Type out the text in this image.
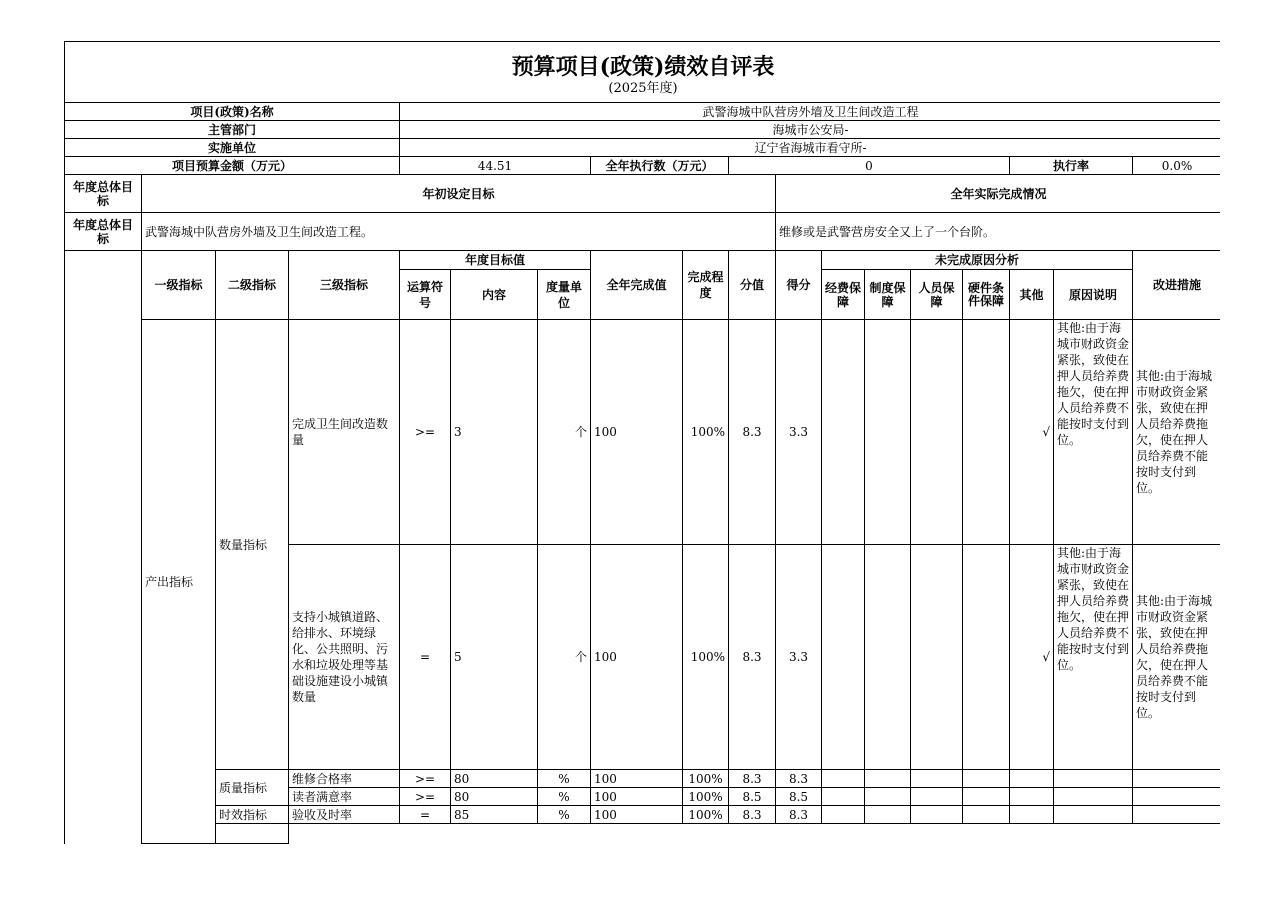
预算项目(政策)绩效自评表
(2025年度)																	

项目(政策)名称				武警海城中队营房外墙及卫生间改造工程													
主管部门				海城市公安局-													
实施单位				辽宁省海城市看守所-													
项目预算金额（万元）				44.51			全年执行数（万元）		0						执行率		0.0%
年度总体目标	年初设定目标									全年实际完成情况							
年度总体目标	武警海城中队营房外墙及卫生间改造工程。									维修或是武警营房安全又上了一个台阶。							
	一级指标	二级指标	三级指标	年度目标值			全年完成值	完成程度	分值	得分	未完成原因分析						改进措施
				运算符号	内容	度量单位					经费保障	制度保障	人员保障	硬件条件保障	其他	原因说明	
	产出指标	数量指标	完成卫生间改造数量	>=	3	个	100	100%	8.3	3.3					√	其他:由于海城市财政资金紧张，致使在押人员给养费拖欠，使在押人员给养费不能按时支付到位。	其他:由于海城市财政资金紧张，致使在押人员给养费拖欠，使在押人员给养费不能按时支付到位。
			支持小城镇道路、给排水、环境绿化、公共照明、污水和垃圾处理等基础设施建设小城镇数量	=	5	个	100	100%	8.3	3.3					√	其他:由于海城市财政资金紧张，致使在押人员给养费拖欠，使在押人员给养费不能按时支付到位。	其他:由于海城市财政资金紧张，致使在押人员给养费拖欠，使在押人员给养费不能按时支付到位。
		质量指标	维修合格率	>=	80	%	100	100%	8.3	8.3							
			读者满意率	>=	80	%	100	100%	8.5	8.5							
		时效指标	验收及时率	=	85	%	100	100%	8.3	8.3							
